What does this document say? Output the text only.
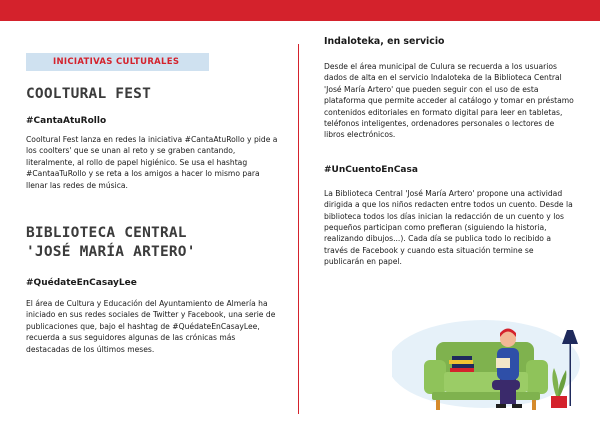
INICIATIVAS CULTURALES
COOLTURAL FEST

#CantaAtuRollo

Cooltural Fest lanza en redes la iniciativa #CantaAtuRollo y pide a los coolters' que se unan al reto y se graben cantando, literalmente, al rollo de papel higiénico. Se usa el hashtag #CantaaTuRollo y se reta a los amigos a hacer lo mismo para llenar las redes de música.

BIBLIOTECA CENTRAL
'JOSÉ MARÍA ARTERO'

#QuédateEnCasayLee

El área de Cultura y Educación del Ayuntamiento de Almería ha iniciado en sus redes sociales de Twitter y Facebook, una serie de publicaciones que, bajo el hashtag de #QuédateEnCasayLee, recuerda a sus seguidores algunas de las crónicas más destacadas de los últimos meses.

Indaloteka, en servicio

Desde el área municipal de Culura se recuerda a los usuarios dados de alta en el servicio Indaloteka de la Biblioteca Central 'José María Artero' que pueden seguir con el uso de esta plataforma que permite acceder al catálogo y tomar en préstamo contenidos editoriales en formato digital para leer en tabletas, teléfonos inteligentes, ordenadores personales o lectores de libros electrónicos.

#UnCuentoEnCasa

La Biblioteca Central 'José María Artero' propone una actividad dirigida a que los niños redacten entre todos un cuento. Desde la biblioteca todos los días inician la redacción de un cuento y los pequeños participan como prefieran (siguiendo la historia, realizando dibujos...). Cada día se publica todo lo recibido a través de Facebook y cuando esta situación termine se publicarán en papel.
